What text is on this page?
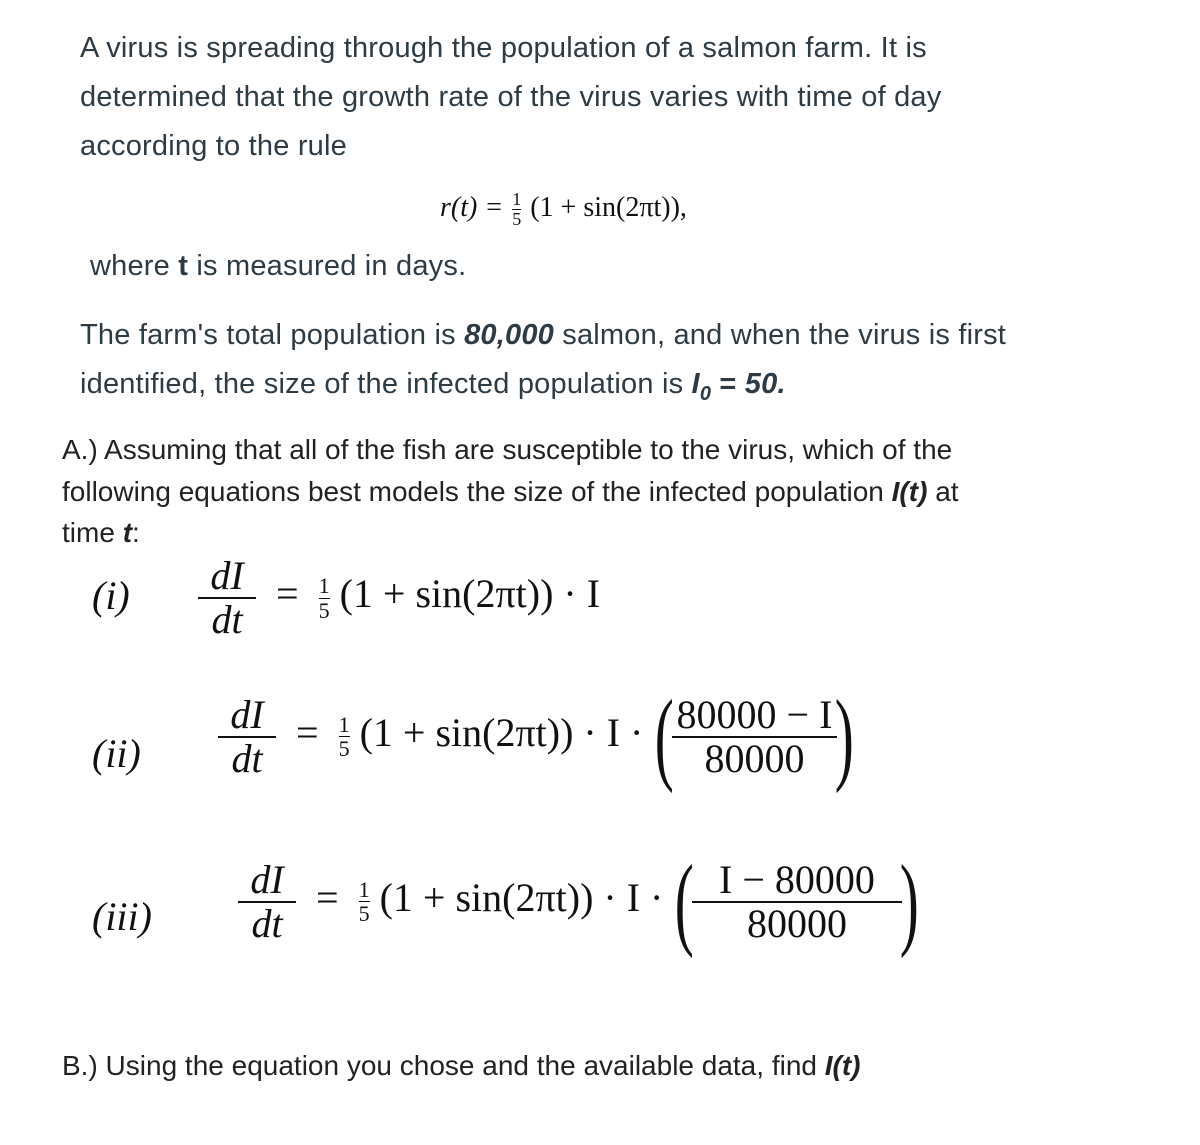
A virus is spreading through the population of a salmon farm. It is
determined that the growth rate of the virus varies with time of day
according to the rule
$r(t) = \frac{1}{5} (1 + \sin(2\pi t))$,
where t is measured in days.
The farm's total population is 80,000 salmon, and when the virus is first
identified, the size of the infected population is $I_0 = 50$.
A.) Assuming that all of the fish are susceptible to the virus, which of the
following equations best models the size of the infected population I(t) at
time t:
$(i) \frac{dI}{dt} = \frac{1}{5} (1 + \sin(2\pi t)) \cdot I$
$(ii) \frac{dI}{dt} = \frac{1}{5} (1 + \sin(2\pi t)) \cdot I$ · (
$\frac{80000 - I}{80000}$
)
$(iii) \frac{dI}{dt} = \frac{1}{5} (1 + \sin(2\pi t)) \cdot I$ · (
$\frac{I - 80000}{80000}$
)
B.) Using the equation you chose and the available data, find I(t)
